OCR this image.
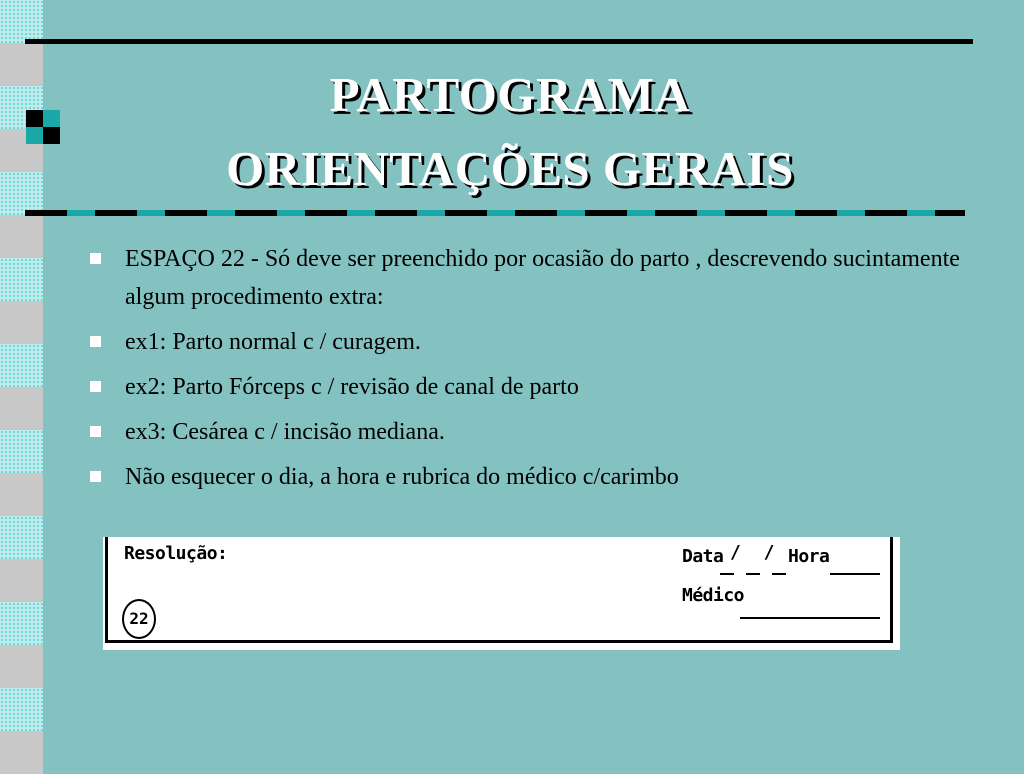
PARTOGRAMA
ORIENTAÇÕES GERAIS
ESPAÇO 22 - Só deve ser preenchido por ocasião do parto , descrevendo sucintamente algum procedimento extra:
ex1: Parto normal c / curagem.
ex2: Parto Fórceps c / revisão de canal de parto
ex3: Cesárea c / incisão mediana.
Não esquecer o dia, a hora e rubrica do médico c/carimbo
Resolução:
22
Data / / Hora
Médico
